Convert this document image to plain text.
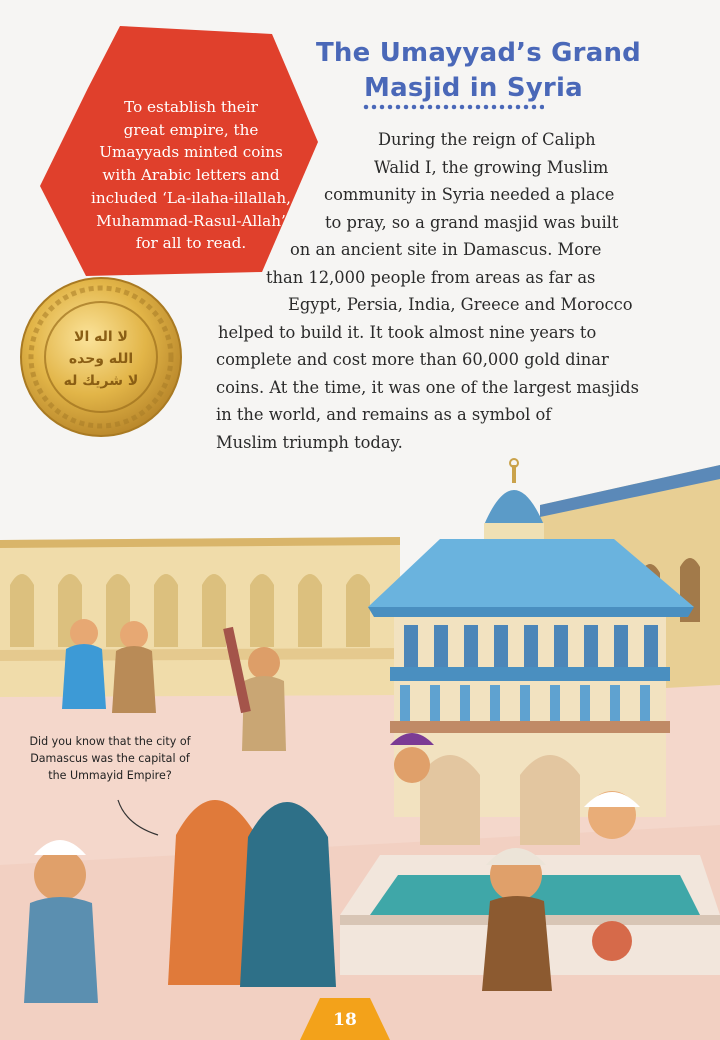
The Umayyad’s Grand
Masjid in Syria
To establish their
great empire, the
Umayyads minted coins
with Arabic letters and
included ‘La-ilaha-illallah,
Muhammad-Rasul-Allah’
for all to read.
لا اله الا
الله وحده
لا شريك له
During the reign of Caliph
Walid I, the growing Muslim
community in Syria needed a place
to pray, so a grand masjid was built
on an ancient site in Damascus. More
than 12,000 people from areas as far as
Egypt, Persia, India, Greece and Morocco
helped to build it. It took almost nine years to
complete and cost more than 60,000 gold dinar
coins. At the time, it was one of the largest masjids
in the world, and remains as a symbol of
Muslim triumph today.
Did you know that the city of
Damascus was the capital of
the Ummayid Empire?
18
